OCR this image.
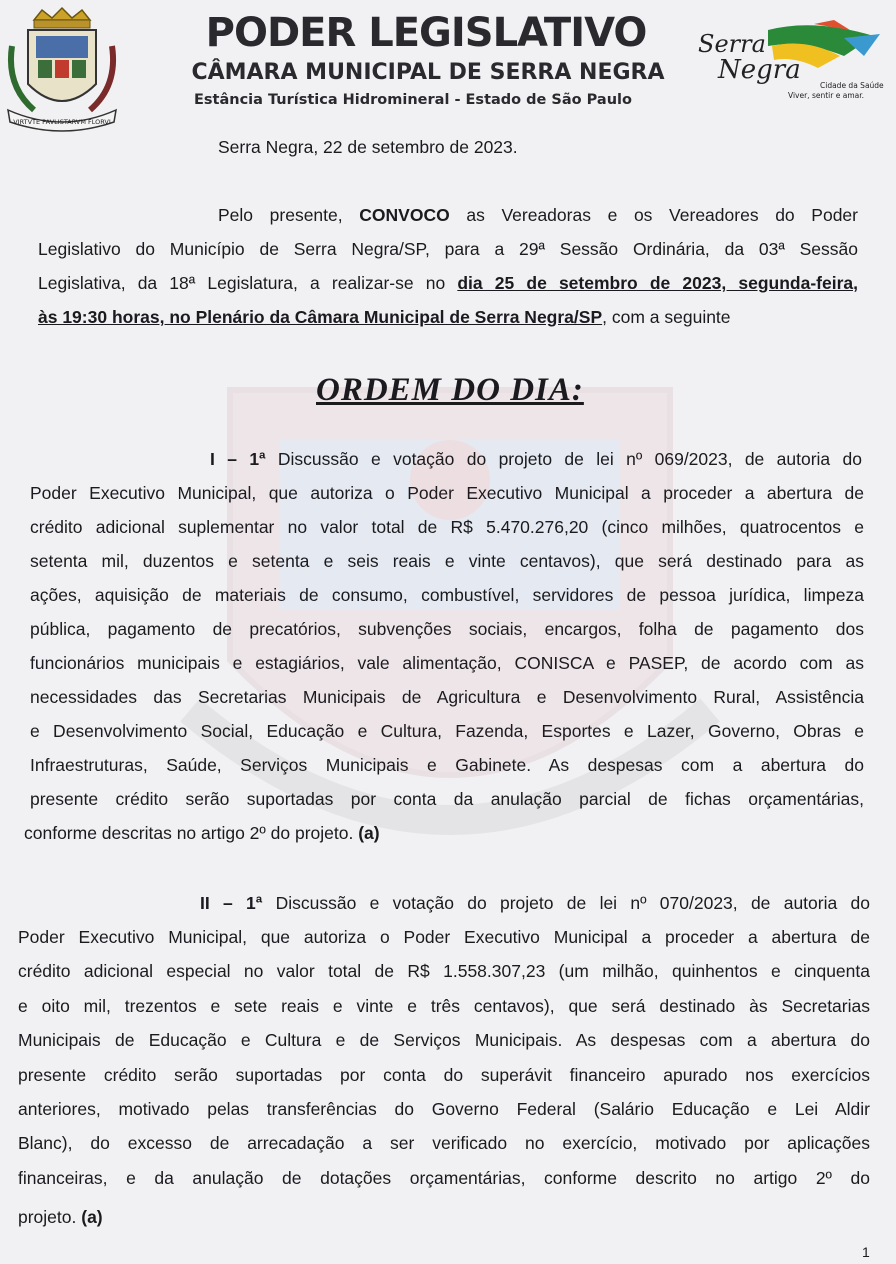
VIRTVTE PAVLISTARVM FLORVI
Serra
Negra
Cidade da Saúde
Viver, sentir e amar.
PODER LEGISLATIVO
CÂMARA MUNICIPAL DE SERRA NEGRA
Estância Turística Hidromineral - Estado de São Paulo
Serra Negra, 22 de setembro de 2023.
Pelo presente, CONVOCO as Vereadoras e os Vereadores do Poder
Legislativo do Município de Serra Negra/SP, para a 29ª Sessão Ordinária, da 03ª Sessão
Legislativa, da 18ª Legislatura, a realizar-se no dia 25 de setembro de 2023, segunda-feira,
às 19:30 horas, no Plenário da Câmara Municipal de Serra Negra/SP, com a seguinte
ORDEM DO DIA:
I – 1ª Discussão e votação do projeto de lei nº 069/2023, de autoria do
Poder Executivo Municipal, que autoriza o Poder Executivo Municipal a proceder a abertura de
crédito adicional suplementar no valor total de R$ 5.470.276,20 (cinco milhões, quatrocentos e
setenta mil, duzentos e setenta e seis reais e vinte centavos), que será destinado para as
ações, aquisição de materiais de consumo, combustível, servidores de pessoa jurídica, limpeza
pública, pagamento de precatórios, subvenções sociais, encargos, folha de pagamento dos
funcionários municipais e estagiários, vale alimentação, CONISCA e PASEP, de acordo com as
necessidades das Secretarias Municipais de Agricultura e Desenvolvimento Rural, Assistência
e Desenvolvimento Social, Educação e Cultura, Fazenda, Esportes e Lazer, Governo, Obras e
Infraestruturas, Saúde, Serviços Municipais e Gabinete. As despesas com a abertura do
presente crédito serão suportadas por conta da anulação parcial de fichas orçamentárias,
conforme descritas no artigo 2º do projeto. (a)
II – 1ª Discussão e votação do projeto de lei nº 070/2023, de autoria do
Poder Executivo Municipal, que autoriza o Poder Executivo Municipal a proceder a abertura de
crédito adicional especial no valor total de R$ 1.558.307,23 (um milhão, quinhentos e cinquenta
e oito mil, trezentos e sete reais e vinte e três centavos), que será destinado às Secretarias
Municipais de Educação e Cultura e de Serviços Municipais. As despesas com a abertura do
presente crédito serão suportadas por conta do superávit financeiro apurado nos exercícios
anteriores, motivado pelas transferências do Governo Federal (Salário Educação e Lei Aldir
Blanc), do excesso de arrecadação a ser verificado no exercício, motivado por aplicações
financeiras, e da anulação de dotações orçamentárias, conforme descrito no artigo 2º do
projeto. (a)
1
